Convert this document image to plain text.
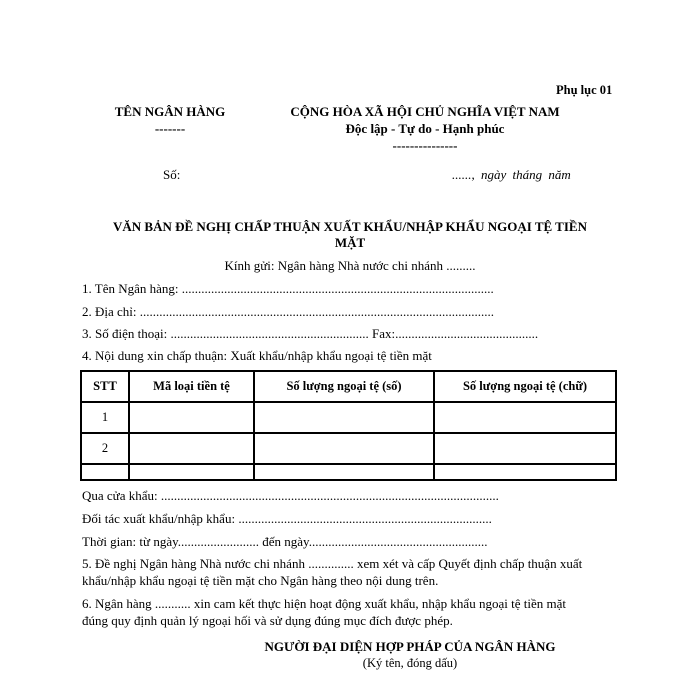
Phụ lục 01
TÊN NGÂN HÀNG
-------
CỘNG HÒA XÃ HỘI CHỦ NGHĨA VIỆT NAM
Độc lập - Tự do - Hạnh phúc
---------------
Số:	......, ngày tháng năm
VĂN BẢN ĐỀ NGHỊ CHẤP THUẬN XUẤT KHẨU/NHẬP KHẨU NGOẠI TỆ TIỀN
MẶT
Kính gửi: Ngân hàng Nhà nước chi nhánh .........
1. Tên Ngân hàng: ................................................................................................
2. Địa chỉ: .............................................................................................................
3. Số điện thoại: ............................................................. Fax:............................................
4. Nội dung xin chấp thuận: Xuất khẩu/nhập khẩu ngoại tệ tiền mặt
STT	Mã loại tiền tệ	Số lượng ngoại tệ (số)	Số lượng ngoại tệ (chữ)
1			
2			

Qua cửa khẩu: ........................................................................................................
Đối tác xuất khẩu/nhập khẩu: ..............................................................................
Thời gian: từ ngày......................... đến ngày.......................................................
5. Đề nghị Ngân hàng Nhà nước chi nhánh .............. xem xét và cấp Quyết định chấp thuận xuất
khẩu/nhập khẩu ngoại tệ tiền mặt cho Ngân hàng theo nội dung trên.
6. Ngân hàng ........... xin cam kết thực hiện hoạt động xuất khẩu, nhập khẩu ngoại tệ tiền mặt
đúng quy định quản lý ngoại hối và sử dụng đúng mục đích được phép.
NGƯỜI ĐẠI DIỆN HỢP PHÁP CỦA NGÂN HÀNG
(Ký tên, đóng dấu)
